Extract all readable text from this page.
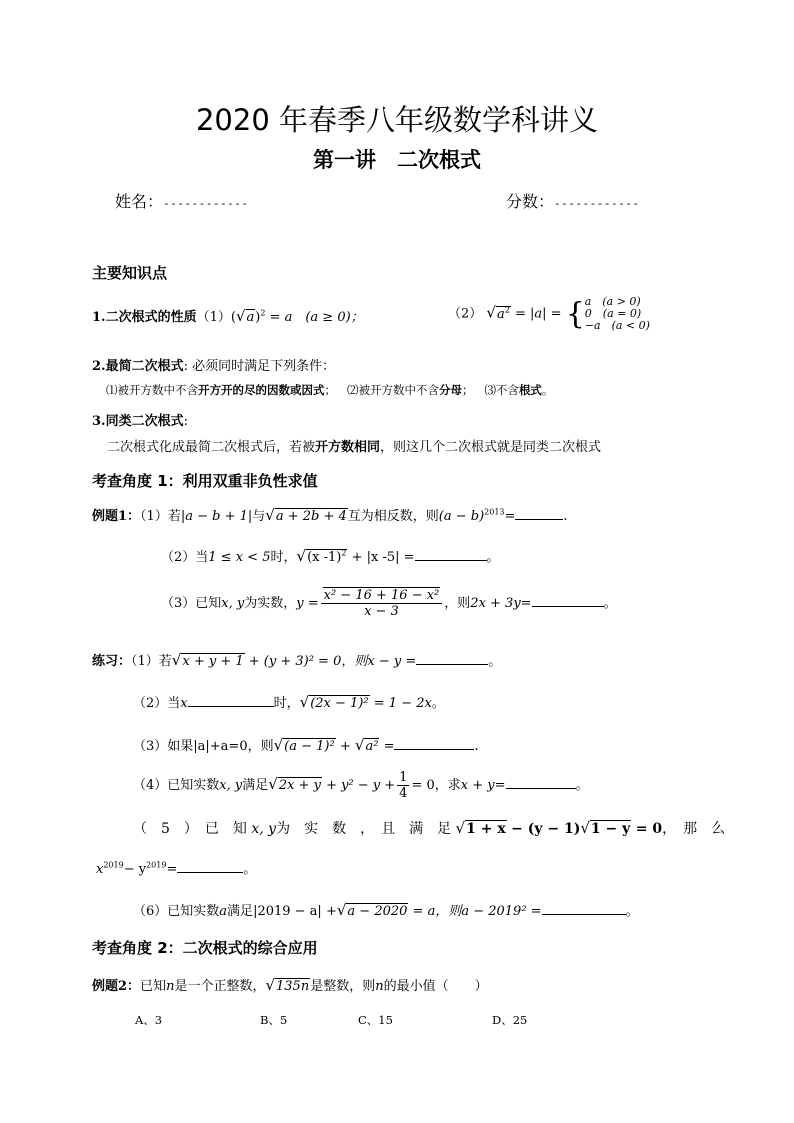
2020 年春季八年级数学科讲义
第一讲　二次根式
姓名：------------	分数：------------
主要知识点
1.二次根式的性质$(1)(√a)^2 = a$　(a ≥ 0)；	（2） $√a^2 = |a| = \{a$　(a > 0)
0　(a = 0)
−a　(a < 0)
2.最简二次根式: 必须同时满足下列条件：
⑴被开方数中不含开方开的尽的因数或因式； ⑵被开方数中不含分母； ⑶不含根式。
3.同类二次根式:
二次根式化成最简二次根式后，若被开方数相同，则这几个二次根式就是同类二次根式
考查角度 1：利用双重非负性求值
例题1：（1）若|a − b + 1|与√a + 2b + 4互为相反数，则$(a - b)^{2013}=$	.
（2）当1 ≤ x < 5时，√(x -1)$^2$ + |x -5| =	。
（3）已知x, y为实数，$y = \frac{\text{x² − 16 + 16 − x²}}{x - 3}$ ，则2x + 3y=	。
练习：（1）若√x + y + 1 + (y + 3)² = 0，则x − y =	。
（2）当x	时，√(2x − 1)² = 1 − 2x。
（3）如果|a|+a=0，则√(a − 1)² + √a² =	.
（4）已知实数x, y满足$√2x + y + y^2 - y + \frac{1}{4} = 0$，求x + y=	。
（　5　）　已　知 x, y为　实　数　，　且　满　足 √1 + x − (y − 1)√1 − y = 0，　那　么
$x^{2019}- y^{2019}=$	。
（6）已知实数a满足|2019 − a| +√a − 2020 = a，则a − 2019² =	。
考查角度 2：二次根式的综合应用
例题2：已知n是一个正整数，√135n是整数，则n的最小值（　　）
A、3	B、5	C、15	D、25
